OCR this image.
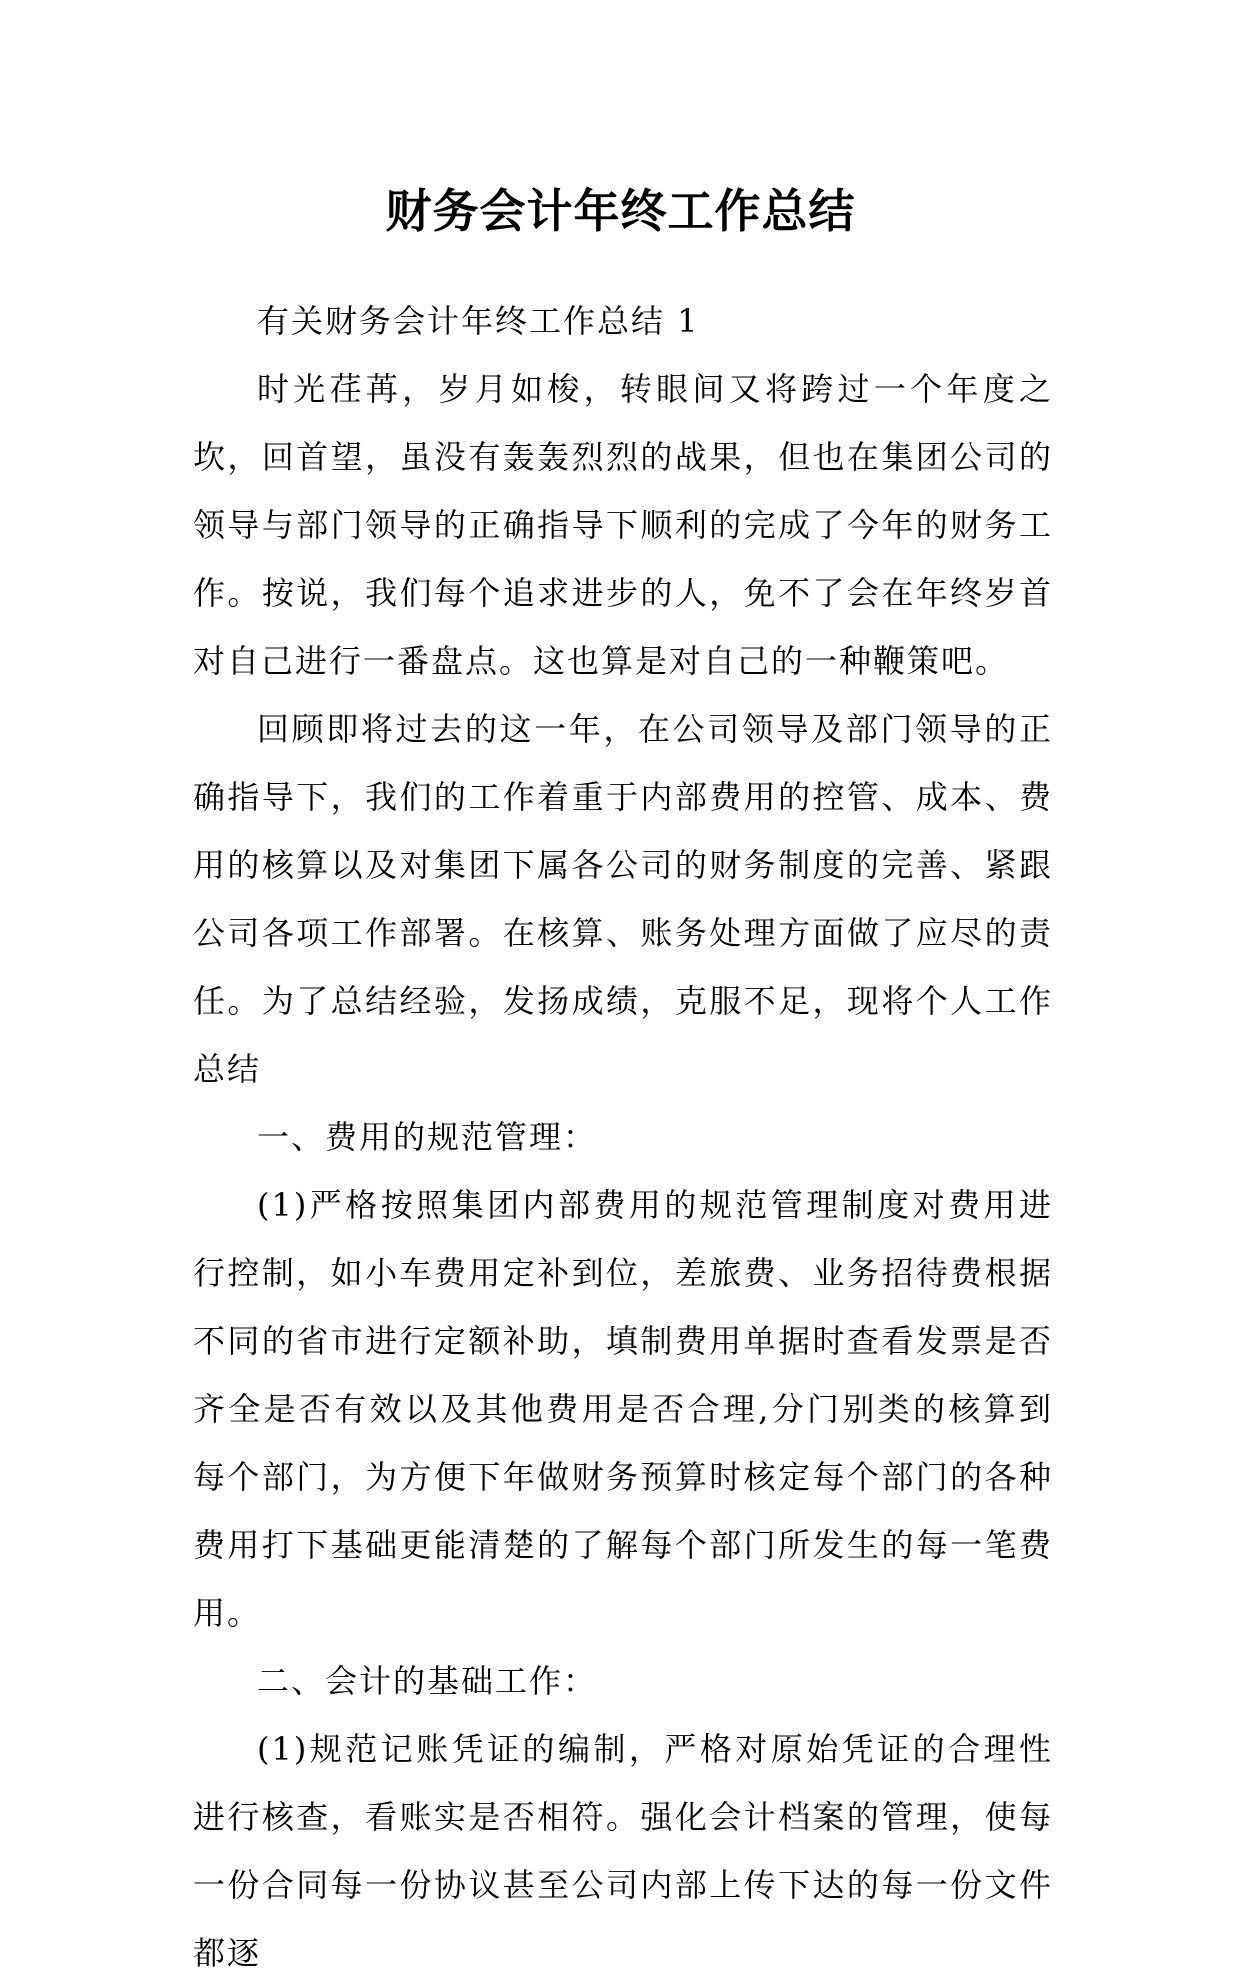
财务会计年终工作总结

有关财务会计年终工作总结 1

时光荏苒，岁月如梭，转眼间又将跨过一个年度之坎，回首望，虽没有轰轰烈烈的战果，但也在集团公司的领导与部门领导的正确指导下顺利的完成了今年的财务工作。按说，我们每个追求进步的人，免不了会在年终岁首对自己进行一番盘点。这也算是对自己的一种鞭策吧。

回顾即将过去的这一年，在公司领导及部门领导的正确指导下，我们的工作着重于内部费用的控管、成本、费用的核算以及对集团下属各公司的财务制度的完善、紧跟公司各项工作部署。在核算、账务处理方面做了应尽的责任。为了总结经验，发扬成绩，克服不足，现将个人工作总结

一、费用的规范管理：

(1)严格按照集团内部费用的规范管理制度对费用进行控制，如小车费用定补到位，差旅费、业务招待费根据不同的省市进行定额补助，填制费用单据时查看发票是否齐全是否有效以及其他费用是否合理,分门别类的核算到每个部门，为方便下年做财务预算时核定每个部门的各种费用打下基础更能清楚的了解每个部门所发生的每一笔费用。

二、会计的基础工作：

(1)规范记账凭证的编制，严格对原始凭证的合理性进行核查，看账实是否相符。强化会计档案的管理，使每一份合同每一份协议甚至公司内部上传下达的每一份文件都逐
